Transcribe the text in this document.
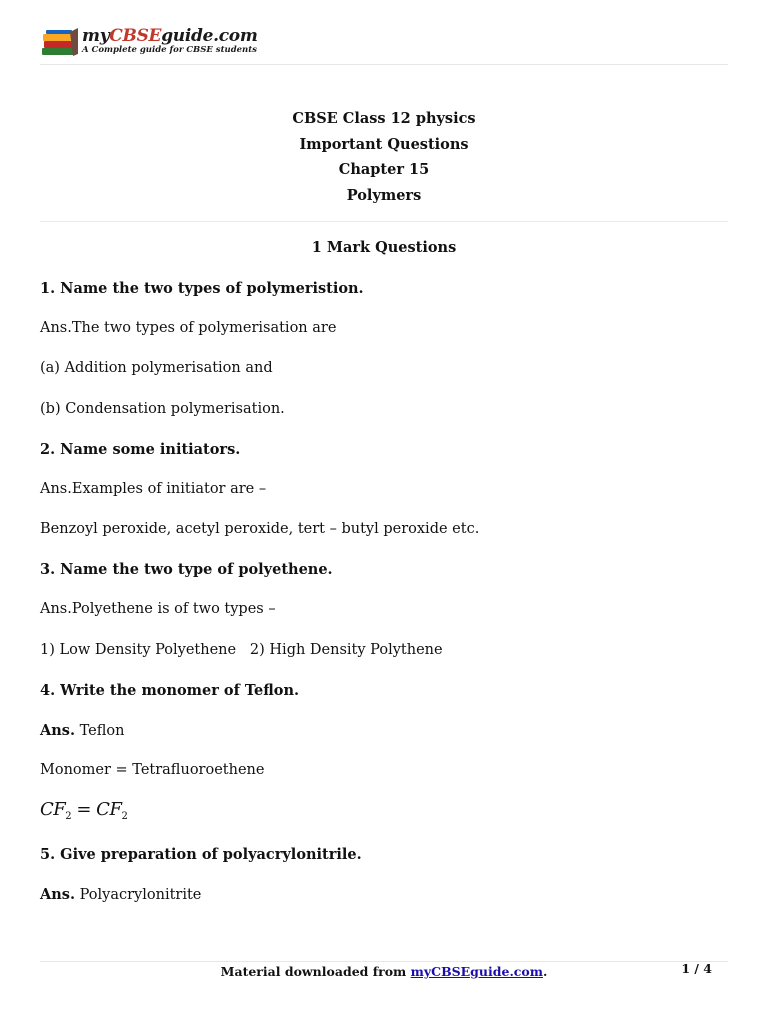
myCBSEguide.com
A Complete guide for CBSE students
CBSE Class 12 physics
Important Questions
Chapter 15
Polymers
1 Mark Questions
1. Name the two types of polymeristion.
Ans.The two types of polymerisation are
(a) Addition polymerisation and
(b) Condensation polymerisation.
2. Name some initiators.
Ans.Examples of initiator are –
Benzoyl peroxide, acetyl peroxide, tert – butyl peroxide etc.
3. Name the two type of polyethene.
Ans.Polyethene is of two types –
1) Low Density Polyethene   2) High Density Polythene
4. Write the monomer of Teflon.
Ans. Teflon
Monomer = Tetrafluoroethene
$CF_2 = CF_2$
5. Give preparation of polyacrylonitrile.
Ans. Polyacrylonitrite
Material downloaded from myCBSEguide.com.	1 / 4
